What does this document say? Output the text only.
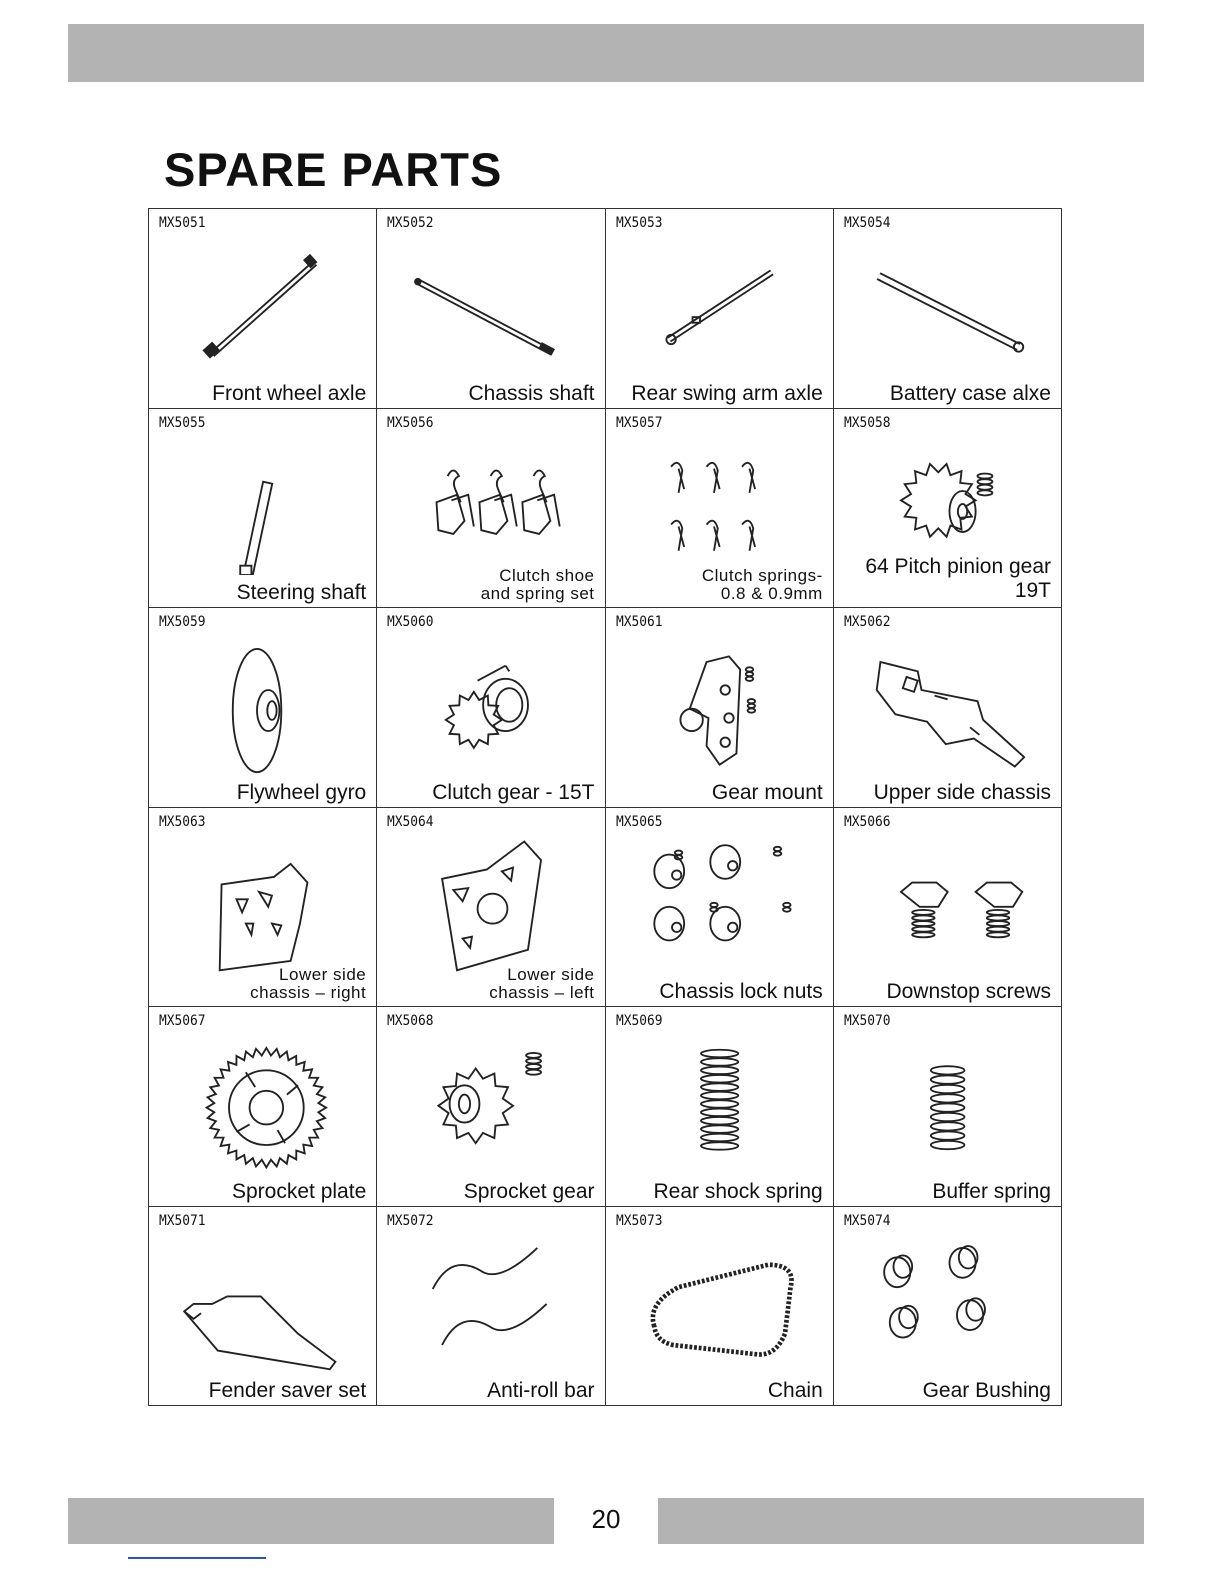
SPARE PARTS
MX5051
Front wheel axle
MX5052
Chassis shaft
MX5053
Rear swing arm axle
MX5054
Battery case alxe
MX5055
Steering shaft
MX5056
Clutch shoe
and spring set
MX5057
Clutch springs-
0.8 & 0.9mm
MX5058
64 Pitch pinion gear
19T
MX5059
Flywheel gyro
MX5060
Clutch gear - 15T
MX5061
Gear mount
MX5062
Upper side chassis
MX5063
Lower side
chassis – right
MX5064
Lower side
chassis – left
MX5065
Chassis lock nuts
MX5066
Downstop screws
MX5067
Sprocket plate
MX5068
Sprocket gear
MX5069
Rear shock spring
MX5070
Buffer spring
MX5071
Fender saver set
MX5072
Anti-roll bar
MX5073
Chain
MX5074
Gear Bushing
20
